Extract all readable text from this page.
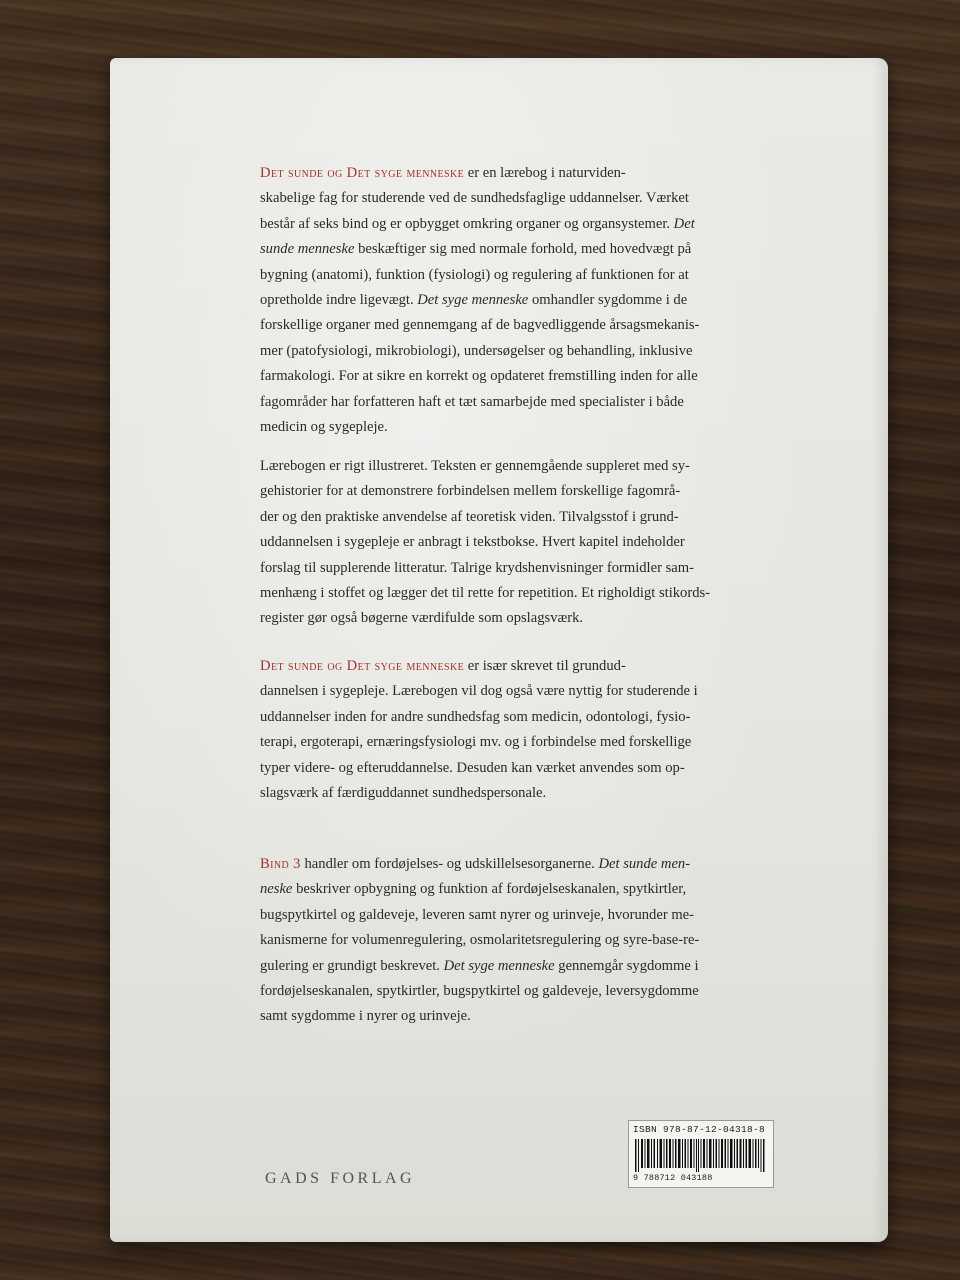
Det sunde og Det syge menneske er en lærebog i naturviden-
skabelige fag for studerende ved de sundhedsfaglige uddannelser. Værket
består af seks bind og er opbygget omkring organer og organsystemer. Det
sunde menneske beskæftiger sig med normale forhold, med hovedvægt på
bygning (anatomi), funktion (fysiologi) og regulering af funktionen for at
opretholde indre ligevægt. Det syge menneske omhandler sygdomme i de
forskellige organer med gennemgang af de bagvedliggende årsagsmekanis-
mer (patofysiologi, mikrobiologi), undersøgelser og behandling, inklusive
farmakologi. For at sikre en korrekt og opdateret fremstilling inden for alle
fagområder har forfatteren haft et tæt samarbejde med specialister i både
medicin og sygepleje.
Lærebogen er rigt illustreret. Teksten er gennemgående suppleret med sy-
gehistorier for at demonstrere forbindelsen mellem forskellige fagområ-
der og den praktiske anvendelse af teoretisk viden. Tilvalgsstof i grund-
uddannelsen i sygepleje er anbragt i tekstbokse. Hvert kapitel indeholder
forslag til supplerende litteratur. Talrige krydshenvisninger formidler sam-
menhæng i stoffet og lægger det til rette for repetition. Et righoldigt stikords-
register gør også bøgerne værdifulde som opslagsværk.
Det sunde og Det syge menneske er især skrevet til grundud-
dannelsen i sygepleje. Lærebogen vil dog også være nyttig for studerende i
uddannelser inden for andre sundhedsfag som medicin, odontologi, fysio-
terapi, ergoterapi, ernæringsfysiologi mv. og i forbindelse med forskellige
typer videre- og efteruddannelse. Desuden kan værket anvendes som op-
slagsværk af færdiguddannet sundhedspersonale.
Bind 3 handler om fordøjelses- og udskillelsesorganerne. Det sunde men-
neske beskriver opbygning og funktion af fordøjelseskanalen, spytkirtler,
bugspytkirtel og galdeveje, leveren samt nyrer og urinveje, hvorunder me-
kanismerne for volumenregulering, osmolaritetsregulering og syre-base-re-
gulering er grundigt beskrevet. Det syge menneske gennemgår sygdomme i
fordøjelseskanalen, spytkirtler, bugspytkirtel og galdeveje, leversygdomme
samt sygdomme i nyrer og urinveje.
GADS FORLAG
ISBN 978-87-12-04318-8
9 788712 043188
